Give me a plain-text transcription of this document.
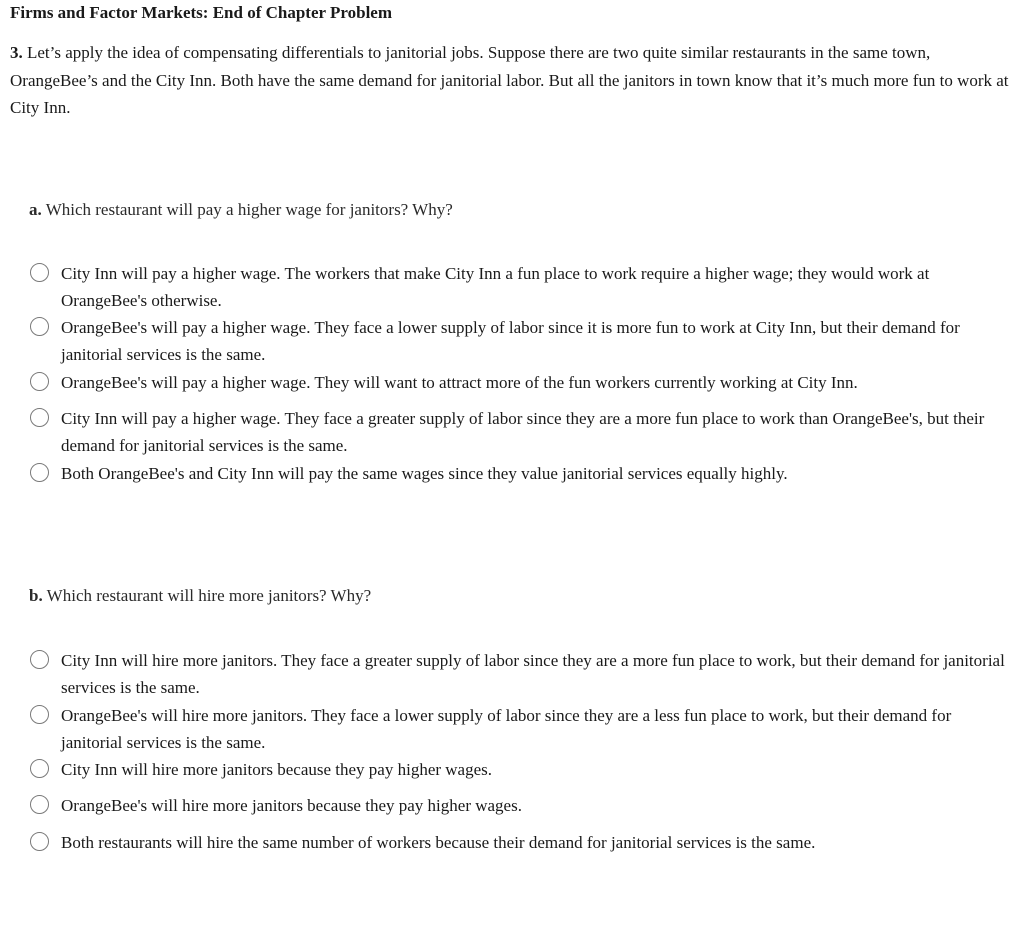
Firms and Factor Markets: End of Chapter Problem

3. Let’s apply the idea of compensating differentials to janitorial jobs. Suppose there are two quite similar restaurants in the same town, OrangeBee’s and the City Inn. Both have the same demand for janitorial labor. But all the janitors in town know that it’s much more fun to work at City Inn.

a. Which restaurant will pay a higher wage for janitors? Why?

City Inn will pay a higher wage. The workers that make City Inn a fun place to work require a higher wage; they would work at OrangeBee's otherwise.
OrangeBee's will pay a higher wage. They face a lower supply of labor since it is more fun to work at City Inn, but their demand for janitorial services is the same.
OrangeBee's will pay a higher wage. They will want to attract more of the fun workers currently working at City Inn.
City Inn will pay a higher wage. They face a greater supply of labor since they are a more fun place to work than OrangeBee's, but their demand for janitorial services is the same.
Both OrangeBee's and City Inn will pay the same wages since they value janitorial services equally highly.

b. Which restaurant will hire more janitors? Why?

City Inn will hire more janitors. They face a greater supply of labor since they are a more fun place to work, but their demand for janitorial services is the same.
OrangeBee's will hire more janitors. They face a lower supply of labor since they are a less fun place to work, but their demand for janitorial services is the same.
City Inn will hire more janitors because they pay higher wages.
OrangeBee's will hire more janitors because they pay higher wages.
Both restaurants will hire the same number of workers because their demand for janitorial services is the same.
